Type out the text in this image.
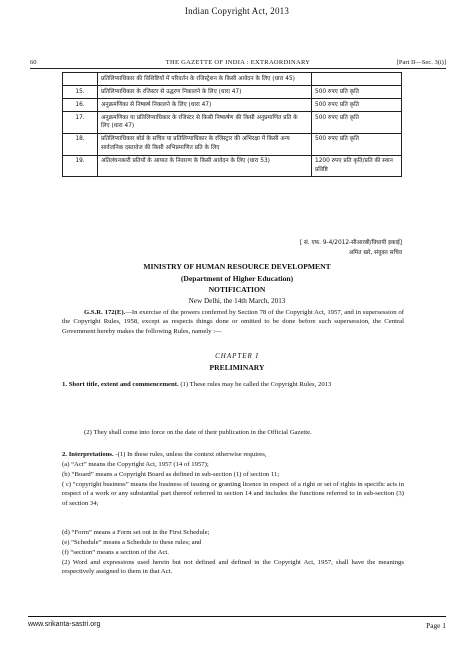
Indian Copyright Act, 2013
60	THE GAZETTE OF INDIA : EXTRAORDINARY	[Part II—Sec. 3(i)]
	प्रतिलिप्याधिकार की विशिष्टियों में परिवर्तन के रजिस्ट्रेशन के किसी आवेदन के लिए (धारा 45)	
15.	प्रतिलिप्याधिकार के रजिस्टर से उद्धरण निकालने के लिए (धारा 47)	500 रुपए प्रति कृति
16.	अनुक्रमणिका से निष्कर्ष निकालने के लिए (धारा 47)	500 रुपए प्रति कृति
17.	अनुक्रमणिका या प्रतिलिप्याधिकार के रजिस्टर से किसी निष्कर्षण की किसी अनुप्रमाणित प्रति के लिए (धारा 47)	500 रुपए प्रति कृति
18.	प्रतिलिप्याधिकार बोर्ड के सचिव या प्रतिलिप्याधिकार के रजिस्ट्रार की अभिरक्षा में किसी अन्य सार्वजनिक दस्तावेज की किसी अभिप्रमाणित प्रति के लिए	500 रुपए प्रति कृति
19.	अतिलंघनकारी प्रतियों के आयात के निवारण के किसी आवेदन के लिए (धारा 53)	1200 रुपए प्रति कृति/प्रति की स्थान प्रविष्टि
[ सं. एफ. 9-4/2012-सीआरबी/विधायी इकाई]
अमित खरे, संयुक्त सचिव
MINISTRY OF HUMAN RESOURCE DEVELOPMENT
(Department of Higher Education)
NOTIFICATION
New Delhi, the 14th March, 2013

G.S.R. 172(E).—In exercise of the powers conferred by Section 78 of the Copyright Act, 1957, and in supersession of the Copyright Rules, 1958, except as respects things done or omitted to be done before such supersession, the Central Government hereby makes the following Rules, namely :—

CHAPTER I
PRELIMINARY

1. Short title, extent and commencement. (1) These rules may be called the Copyright Rules, 2013

(2) They shall come into force on the date of their publication in the Official Gazette.

2. Interpretations. -(1) In these rules, unless the context otherwise requires,

(a) “Act” means the Copyright Act, 1957 (14 of 1957);
(b) “Board” means a Copyright Board as defined in sub-section (1) of section 11;
( c) “copyright business” means the business of issuing or granting licence in respect of a right or set of rights in specific acts in respect of a work or any substantial part thereof referred in section 14 and includes the functions referred to in sub-section (3) of section 34;
(d) “Form” means a Form set out in the First Schedule;
(e) “Schedule” means a Schedule to these rules; and
(f) “section” means a section of the Act.
(2) Word and expressions used herein but not defined and defined in the Copyright Act, 1957, shall have the meanings respectively assigned to them in that Act.
www.srikanta-sastri.org	Page 1
